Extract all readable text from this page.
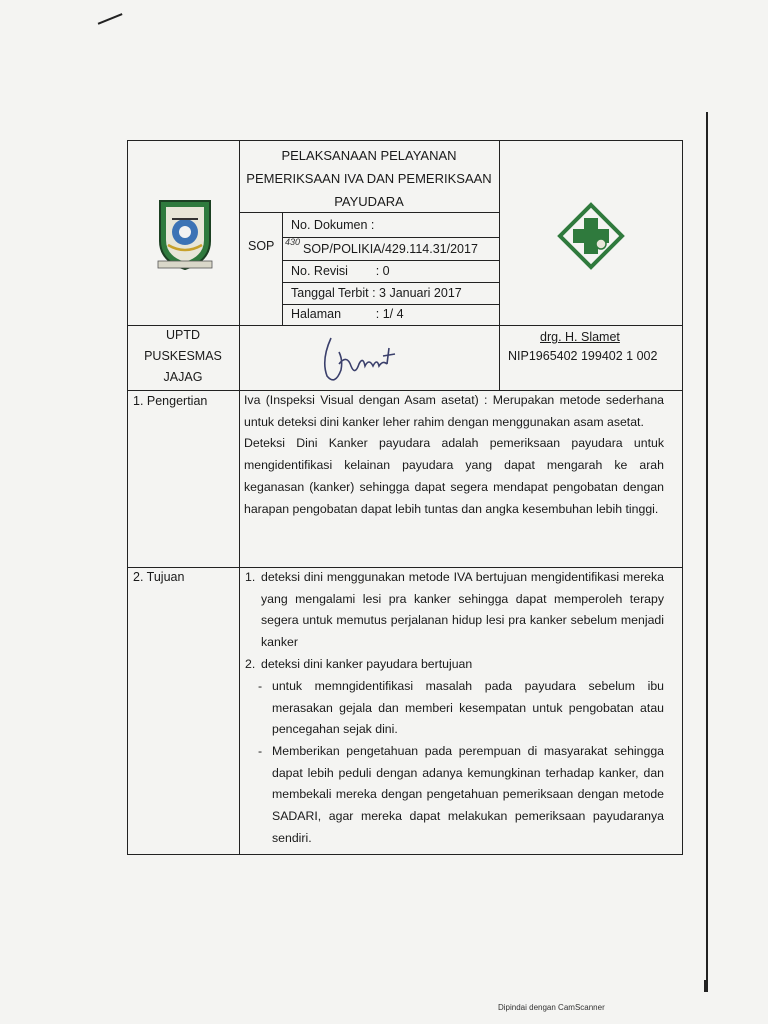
PELAKSANAAN PELAYANAN
PEMERIKSAAN IVA DAN PEMERIKSAAN
PAYUDARA
SOP
No. Dokumen :
430 SOP/POLIKIA/429.114.31/2017
No. Revisi        : 0
Tanggal Terbit : 3 Januari 2017
Halaman          : 1/ 4
UPTD
PUSKESMAS
JAJAG
drg. H. Slamet
NIP1965402 199402 1 002
1. Pengertian	Iva (Inspeksi Visual dengan Asam asetat) : Merupakan metode sederhana untuk deteksi dini kanker leher rahim dengan menggunakan asam asetat.

Deteksi Dini Kanker payudara adalah pemeriksaan payudara untuk mengidentifikasi kelainan payudara yang dapat mengarah ke arah keganasan (kanker) sehingga dapat segera mendapat pengobatan dengan harapan pengobatan dapat lebih tuntas dan angka kesembuhan lebih tinggi.

2. Tujuan	1. deteksi dini menggunakan metode IVA bertujuan mengidentifikasi mereka yang mengalami lesi pra kanker sehingga dapat memperoleh terapy segera untuk memutus perjalanan hidup lesi pra kanker sebelum menjadi kanker
2. deteksi dini kanker payudara bertujuan
- untuk memngidentifikasi masalah pada payudara sebelum ibu merasakan gejala dan memberi kesempatan untuk pengobatan atau pencegahan sejak dini.
- Memberikan pengetahuan pada perempuan di masyarakat sehingga dapat lebih peduli dengan adanya kemungkinan terhadap kanker, dan membekali mereka dengan pengetahuan pemeriksaan dengan metode SADARI, agar mereka dapat melakukan pemeriksaan payudaranya sendiri.
Dipindai dengan CamScanner
